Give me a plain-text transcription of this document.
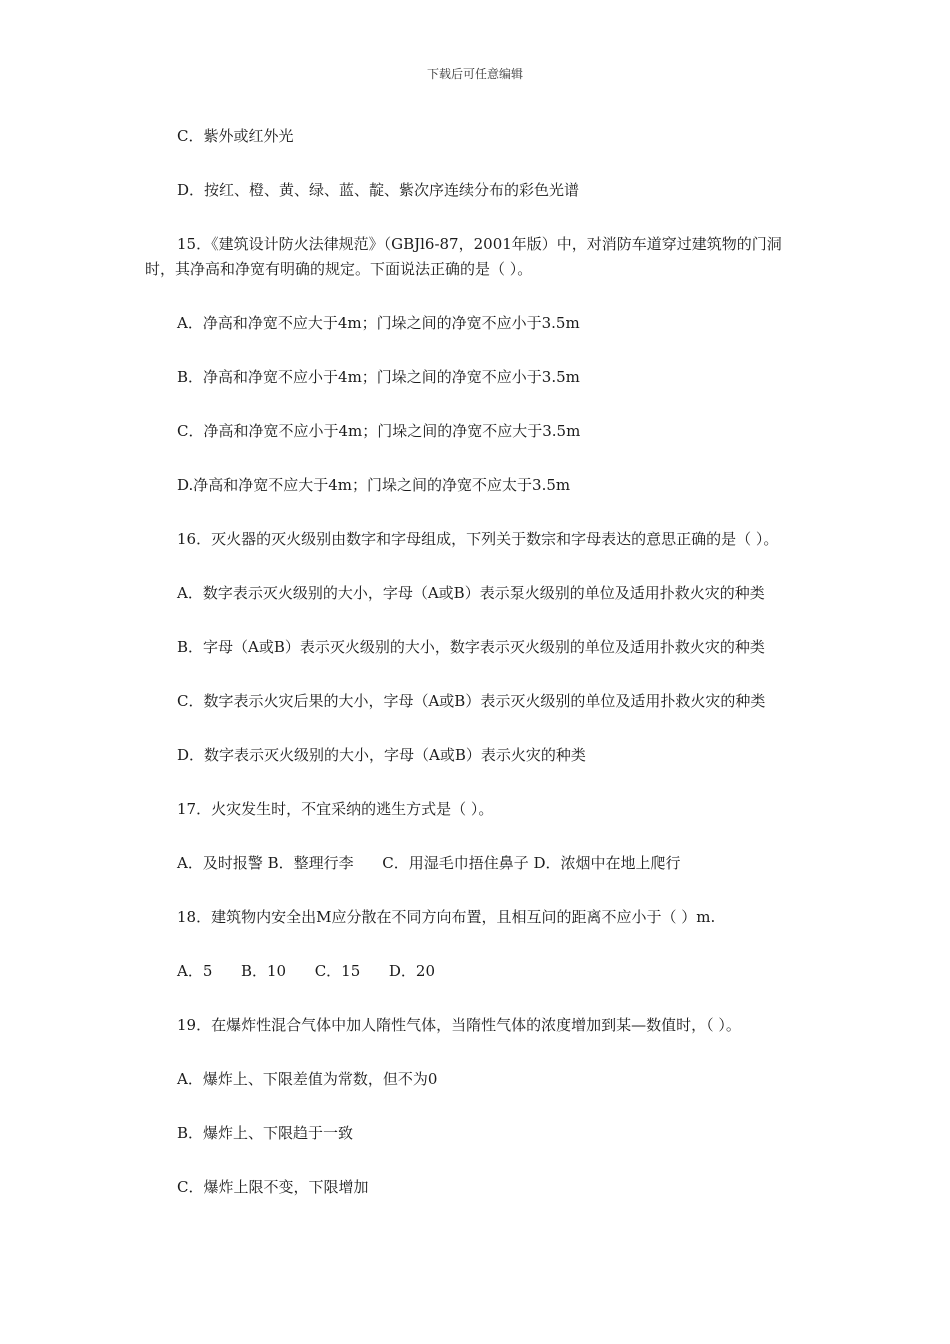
下载后可任意编辑

C．紫外或红外光

D．按红、橙、黄、绿、蓝、靛、紫次序连续分布的彩色光谱

15．《建筑设计防火法律规范》（GBJl6-87，2001年版）中，对消防车道穿过建筑物的门洞时，其净高和净宽有明确的规定。下面说法正确的是（ ）。

A．净高和净宽不应大于4m；门垛之间的净宽不应小于3.5m

B．净高和净宽不应小于4m；门垛之间的净宽不应小于3.5m

C．净高和净宽不应小于4m；门垛之间的净宽不应大于3.5m

D.净高和净宽不应大于4m；门垛之间的净宽不应太于3.5m

16．灭火器的灭火级别由数字和字母组成，下列关于数宗和字母表达的意思正确的是（ ）。

A．数字表示灭火级别的大小，字母（A或B）表示泵火级别的单位及适用扑救火灾的种类

B．字母（A或B）表示灭火级别的大小，数字表示灭火级别的单位及适用扑救火灾的种类

C．数字表示火灾后果的大小，字母（A或B）表示灭火级别的单位及适用扑救火灾的种类

D．数字表示灭火级别的大小，字母（A或B）表示火灾的种类

17．火灾发生时，不宜采纳的逃生方式是（ ）。

A．及时报警 B．整理行李      C．用湿毛巾捂住鼻子 D．浓烟中在地上爬行

18．建筑物内安全出M应分散在不同方向布置，且相互问的距离不应小于（ ）m.

A．5      B．10      C．15      D．20

19．在爆炸性混合气体中加人隋性气体，当隋性气体的浓度增加到某—数值时，（ ）。

A．爆炸上、下限差值为常数，但不为0

B．爆炸上、下限趋于一致

C．爆炸上限不变，下限增加
